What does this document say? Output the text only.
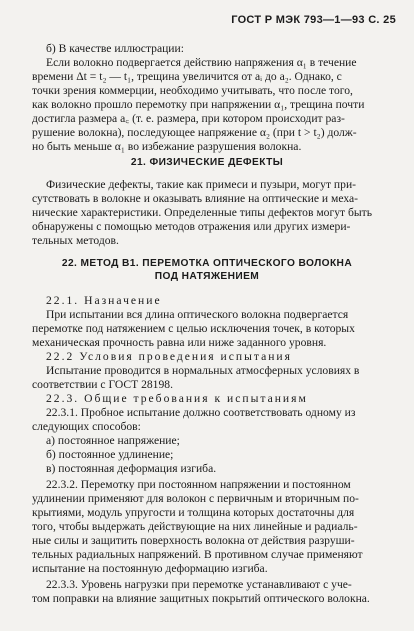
ГОСТ Р МЭК 793—1—93 С. 25
б) В качестве иллюстрации:
Если волокно подвергается действию напряжения α₁ в течение
времени Δt = t₂ — t₁, трещина увеличится от aᵢ до a₂. Однако, с
точки зрения коммерции, необходимо учитывать, что после того,
как волокно прошло перемотку при напряжении α₁, трещина почти
достигла размера a꜀ (т. е. размера, при котором происходит раз-
рушение волокна), последующее напряжение α₂ (при t > t₂) долж-
но быть меньше α₁ во избежание разрушения волокна.
21. ФИЗИЧЕСКИЕ ДЕФЕКТЫ
Физические дефекты, такие как примеси и пузыри, могут при-
сутствовать в волокне и оказывать влияние на оптические и меха-
нические характеристики. Определенные типы дефектов могут быть
обнаружены с помощью методов отражения или других измери-
тельных методов.
22. МЕТОД В1. ПЕРЕМОТКА ОПТИЧЕСКОГО ВОЛОКНА
ПОД НАТЯЖЕНИЕМ
22.1. Назначение
При испытании вся длина оптического волокна подвергается
перемотке под натяжением с целью исключения точек, в которых
механическая прочность равна или ниже заданного уровня.
22.2 Условия проведения испытания
Испытание проводится в нормальных атмосферных условиях в
соответствии с ГОСТ 28198.
22.3. Общие требования к испытаниям
22.3.1. Пробное испытание должно соответствовать одному из
следующих способов:
а) постоянное напряжение;
б) постоянное удлинение;
в) постоянная деформация изгиба.
22.3.2. Перемотку при постоянном напряжении и постоянном
удлинении применяют для волокон с первичным и вторичным по-
крытиями, модуль упругости и толщина которых достаточны для
того, чтобы выдержать действующие на них линейные и радиаль-
ные силы и защитить поверхность волокна от действия разруши-
тельных радиальных напряжений. В противном случае применяют
испытание на постоянную деформацию изгиба.
22.3.3. Уровень нагрузки при перемотке устанавливают с уче-
том поправки на влияние защитных покрытий оптического волокна.
